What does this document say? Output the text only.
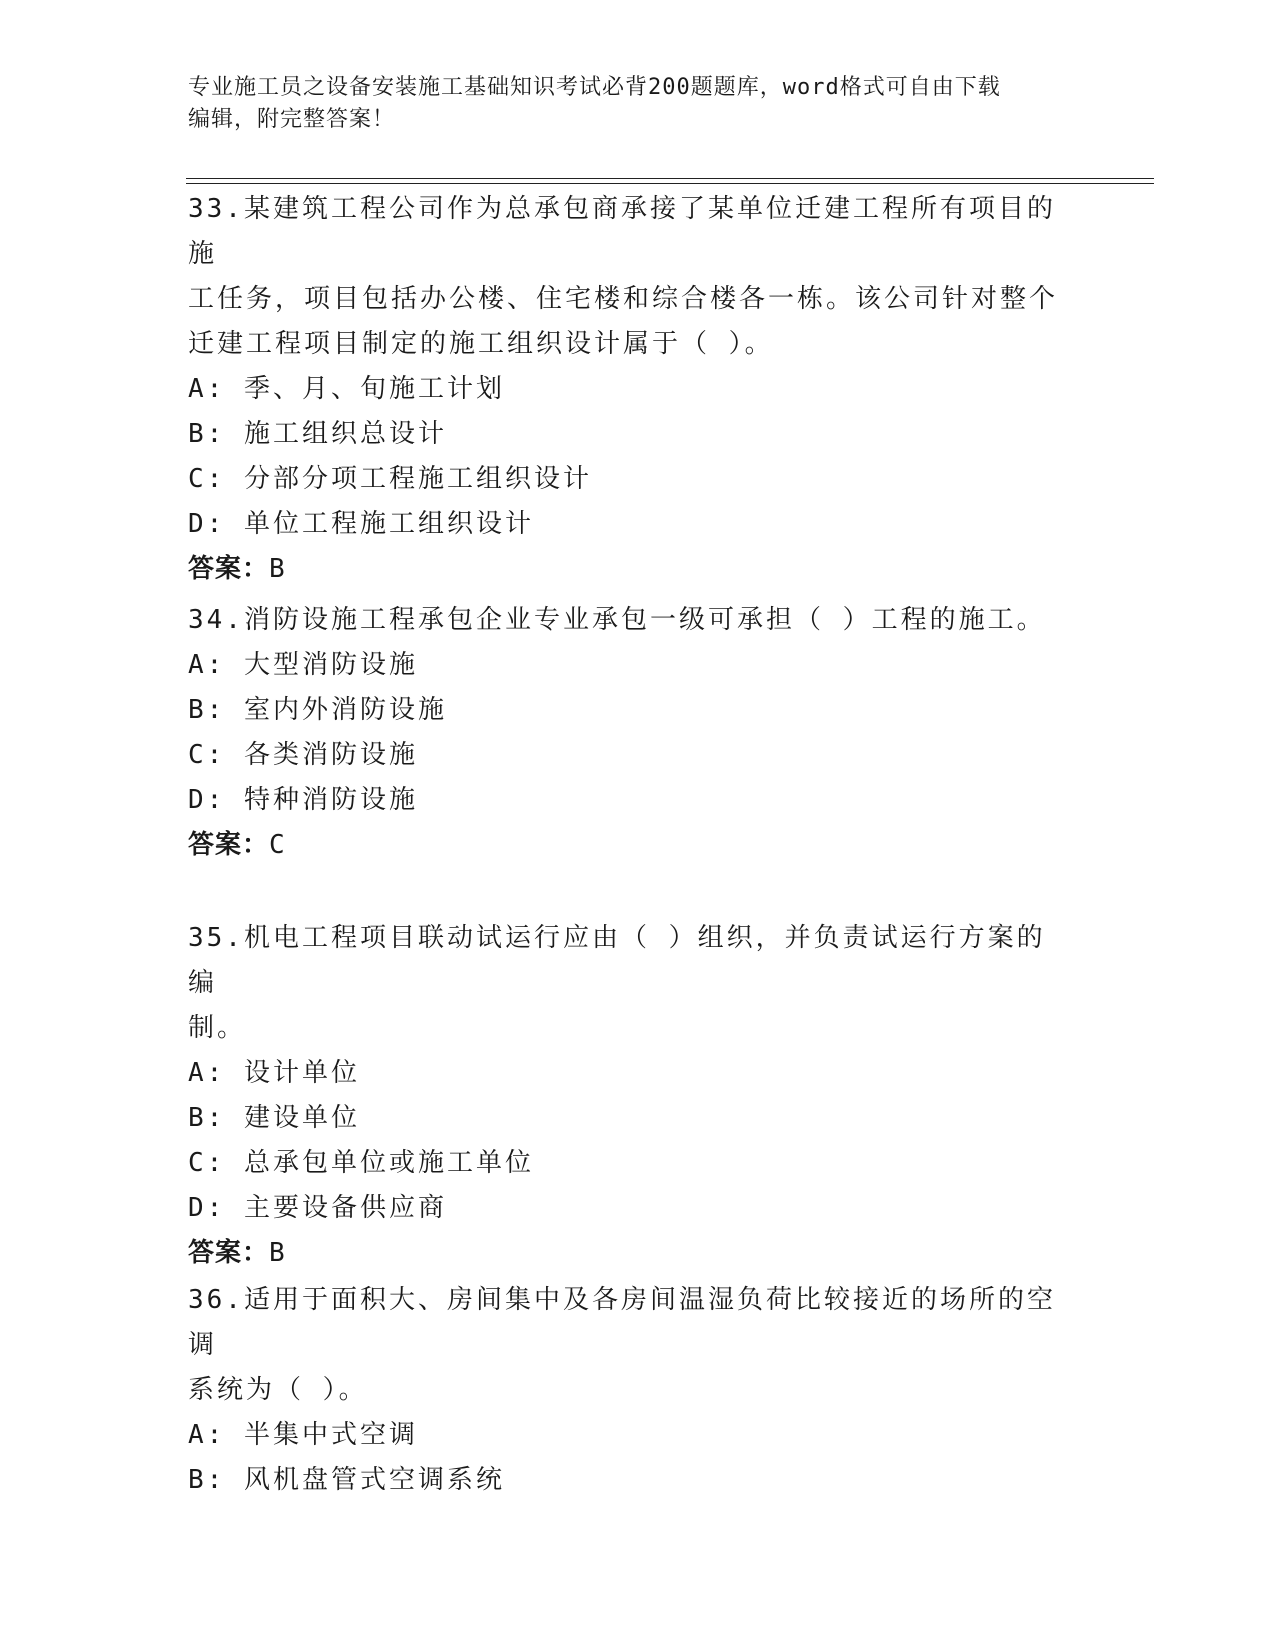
专业施工员之设备安装施工基础知识考试必背200题题库，word格式可自由下载
编辑，附完整答案！

33.某建筑工程公司作为总承包商承接了某单位迁建工程所有项目的施

工任务，项目包括办公楼、住宅楼和综合楼各一栋。该公司针对整个

迁建工程项目制定的施工组织设计属于（ ）。

A: 季、月、旬施工计划

B: 施工组织总设计

C: 分部分项工程施工组织设计

D: 单位工程施工组织设计

答案：B

34.消防设施工程承包企业专业承包一级可承担（ ）工程的施工。

A: 大型消防设施

B: 室内外消防设施

C: 各类消防设施

D: 特种消防设施

答案：C

35.机电工程项目联动试运行应由（ ）组织，并负责试运行方案的编

制。

A: 设计单位

B: 建设单位

C: 总承包单位或施工单位

D: 主要设备供应商

答案：B

36.适用于面积大、房间集中及各房间温湿负荷比较接近的场所的空调

系统为（ ）。

A: 半集中式空调

B: 风机盘管式空调系统
